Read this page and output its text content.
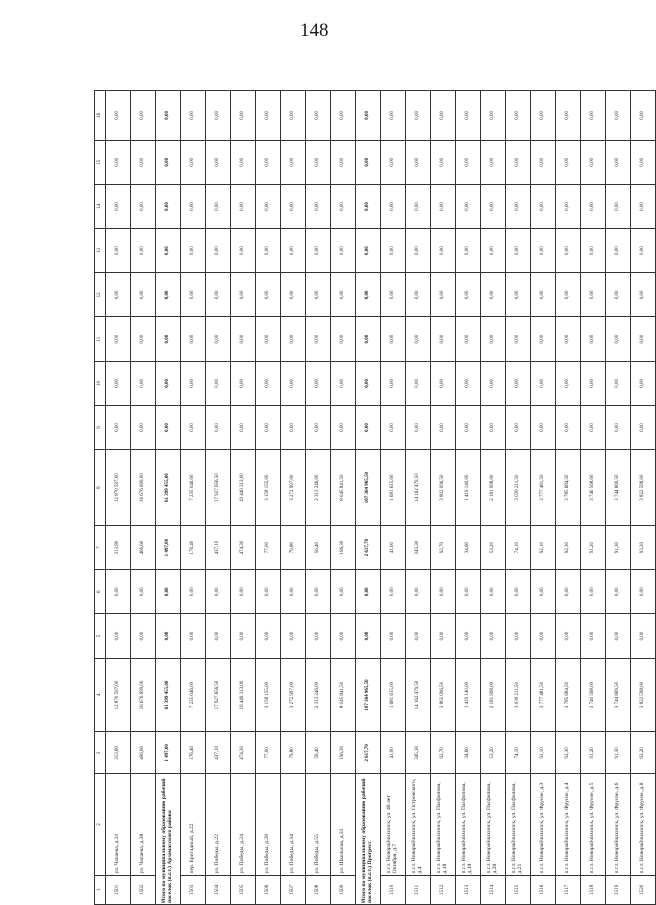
148
1	2	3	4	5	6	7	8	9	10	11	12	13	14	15	16
1501	ул. Чапаева, д.31	313,80	12 870 597,00	0,00	0,00	313,80	12 870 597,00	0,00	0,00	0,00	0,00	0,00	0,00	0,00	0,00
1502	ул. Чапаева, д.38	406,60	16 676 699,00	0,00	0,00	406,60	16 676 699,00	0,00	0,00	0,00	0,00	0,00	0,00	0,00	0,00
Итого по муниципальному образованию рабочий поселок (п.г.т.) Арзамасского района		1 497,00	61 399 455,00	0,00	0,00	1 497,00	61 399 455,00	0,00	0,00	0,00	0,00	0,00	0,00	0,00	0,00
1503	пер. Бригадный, д.22	176,40	7 235 046,00	0,00	0,00	176,40	7 235 046,00	0,00	0,00	0,00	0,00	0,00	0,00	0,00	0,00
1504	ул. Победы, д.22	437,10	17 927 656,50	0,00	0,00	437,10	17 927 656,50	0,00	0,00	0,00	0,00	0,00	0,00	0,00	0,00
1505	ул. Победы, д.24	474,30	19 449 313,00	0,00	0,00	474,30	19 449 313,00	0,00	0,00	0,00	0,00	0,00	0,00	0,00	0,00
1506	ул. Победы, д.28	77,00	3 158 155,00	0,00	0,00	77,00	3 158 155,00	0,00	0,00	0,00	0,00	0,00	0,00	0,00	0,00
1507	ул. Победы, д.34	79,80	3 272 997,00	0,00	0,00	79,80	3 272 997,00	0,00	0,00	0,00	0,00	0,00	0,00	0,00	0,00
1508	ул. Победы, д.55	56,40	2 313 246,00	0,00	0,00	56,40	2 313 246,00	0,00	0,00	0,00	0,00	0,00	0,00	0,00	0,00
1509	ул. Школьная, д.31	196,30	8 045 841,50	0,00	0,00	196,30	8 045 841,50	0,00	0,00	0,00	0,00	0,00	0,00	0,00	0,00
Итого по муниципальному образованию рабочий поселок (п.г.т.) Прогресс		2 617,70	107 364 965,50	0,00	0,00	2 617,70	107 364 965,50	0,00	0,00	0,00	0,00	0,00	0,00	0,00	0,00
1510	п.г.т. Новорайчихинск, ул. 40 лет Октября, д.7	41,00	1 681 615,00	0,00	0,00	41,00	1 681 615,00	0,00	0,00	0,00	0,00	0,00	0,00	0,00	0,00
1511	п.г.т. Новорайчихинск, ул. Островского, д.4	345,30	14 162 479,50	0,00	0,00	345,30	14 162 479,50	0,00	0,00	0,00	0,00	0,00	0,00	0,00	0,00
1512	п.г.т. Новорайчихинск, ул. Пасфилова, д.18	92,70	3 802 096,50	0,00	0,00	92,70	3 802 096,50	0,00	0,00	0,00	0,00	0,00	0,00	0,00	0,00
1513	п.г.т. Новорайчихинск, ул. Пасфилова, д.19	34,60	1 419 140,00	0,00	0,00	34,60	1 419 140,00	0,00	0,00	0,00	0,00	0,00	0,00	0,00	0,00
1514	п.г.т. Новорайчихинск, ул. Пасфилова, д.20	53,20	2 181 998,00	0,00	0,00	53,20	2 181 998,00	0,00	0,00	0,00	0,00	0,00	0,00	0,00	0,00
1515	п.г.т. Новорайчихинск, ул. Пасфилова, д.21	74,10	3 039 211,50	0,00	0,00	74,10	3 039 211,50	0,00	0,00	0,00	0,00	0,00	0,00	0,00	0,00
1516	п.г.т. Новорайчихинск, ул. Фрунзе, д.3	92,10	3 777 481,50	0,00	0,00	92,10	3 777 481,50	0,00	0,00	0,00	0,00	0,00	0,00	0,00	0,00
1517	п.г.т. Новорайчихинск, ул. Фрунзе, д.4	92,30	3 785 684,50	0,00	0,00	92,30	3 785 684,50	0,00	0,00	0,00	0,00	0,00	0,00	0,00	0,00
1518	п.г.т. Новорайчихинск, ул. Фрунзе, д.5	91,20	3 740 568,00	0,00	0,00	91,20	3 740 568,00	0,00	0,00	0,00	0,00	0,00	0,00	0,00	0,00
1519	п.г.т. Новорайчихинск, ул. Фрунзе, д.6	91,30	3 744 669,50	0,00	0,00	91,30	3 744 669,50	0,00	0,00	0,00	0,00	0,00	0,00	0,00	0,00
1520	п.г.т. Новорайчихинск, ул. Фрунзе, д.8	93,20	3 822 598,00	0,00	0,00	93,20	3 822 598,00	0,00	0,00	0,00	0,00	0,00	0,00	0,00	0,00
